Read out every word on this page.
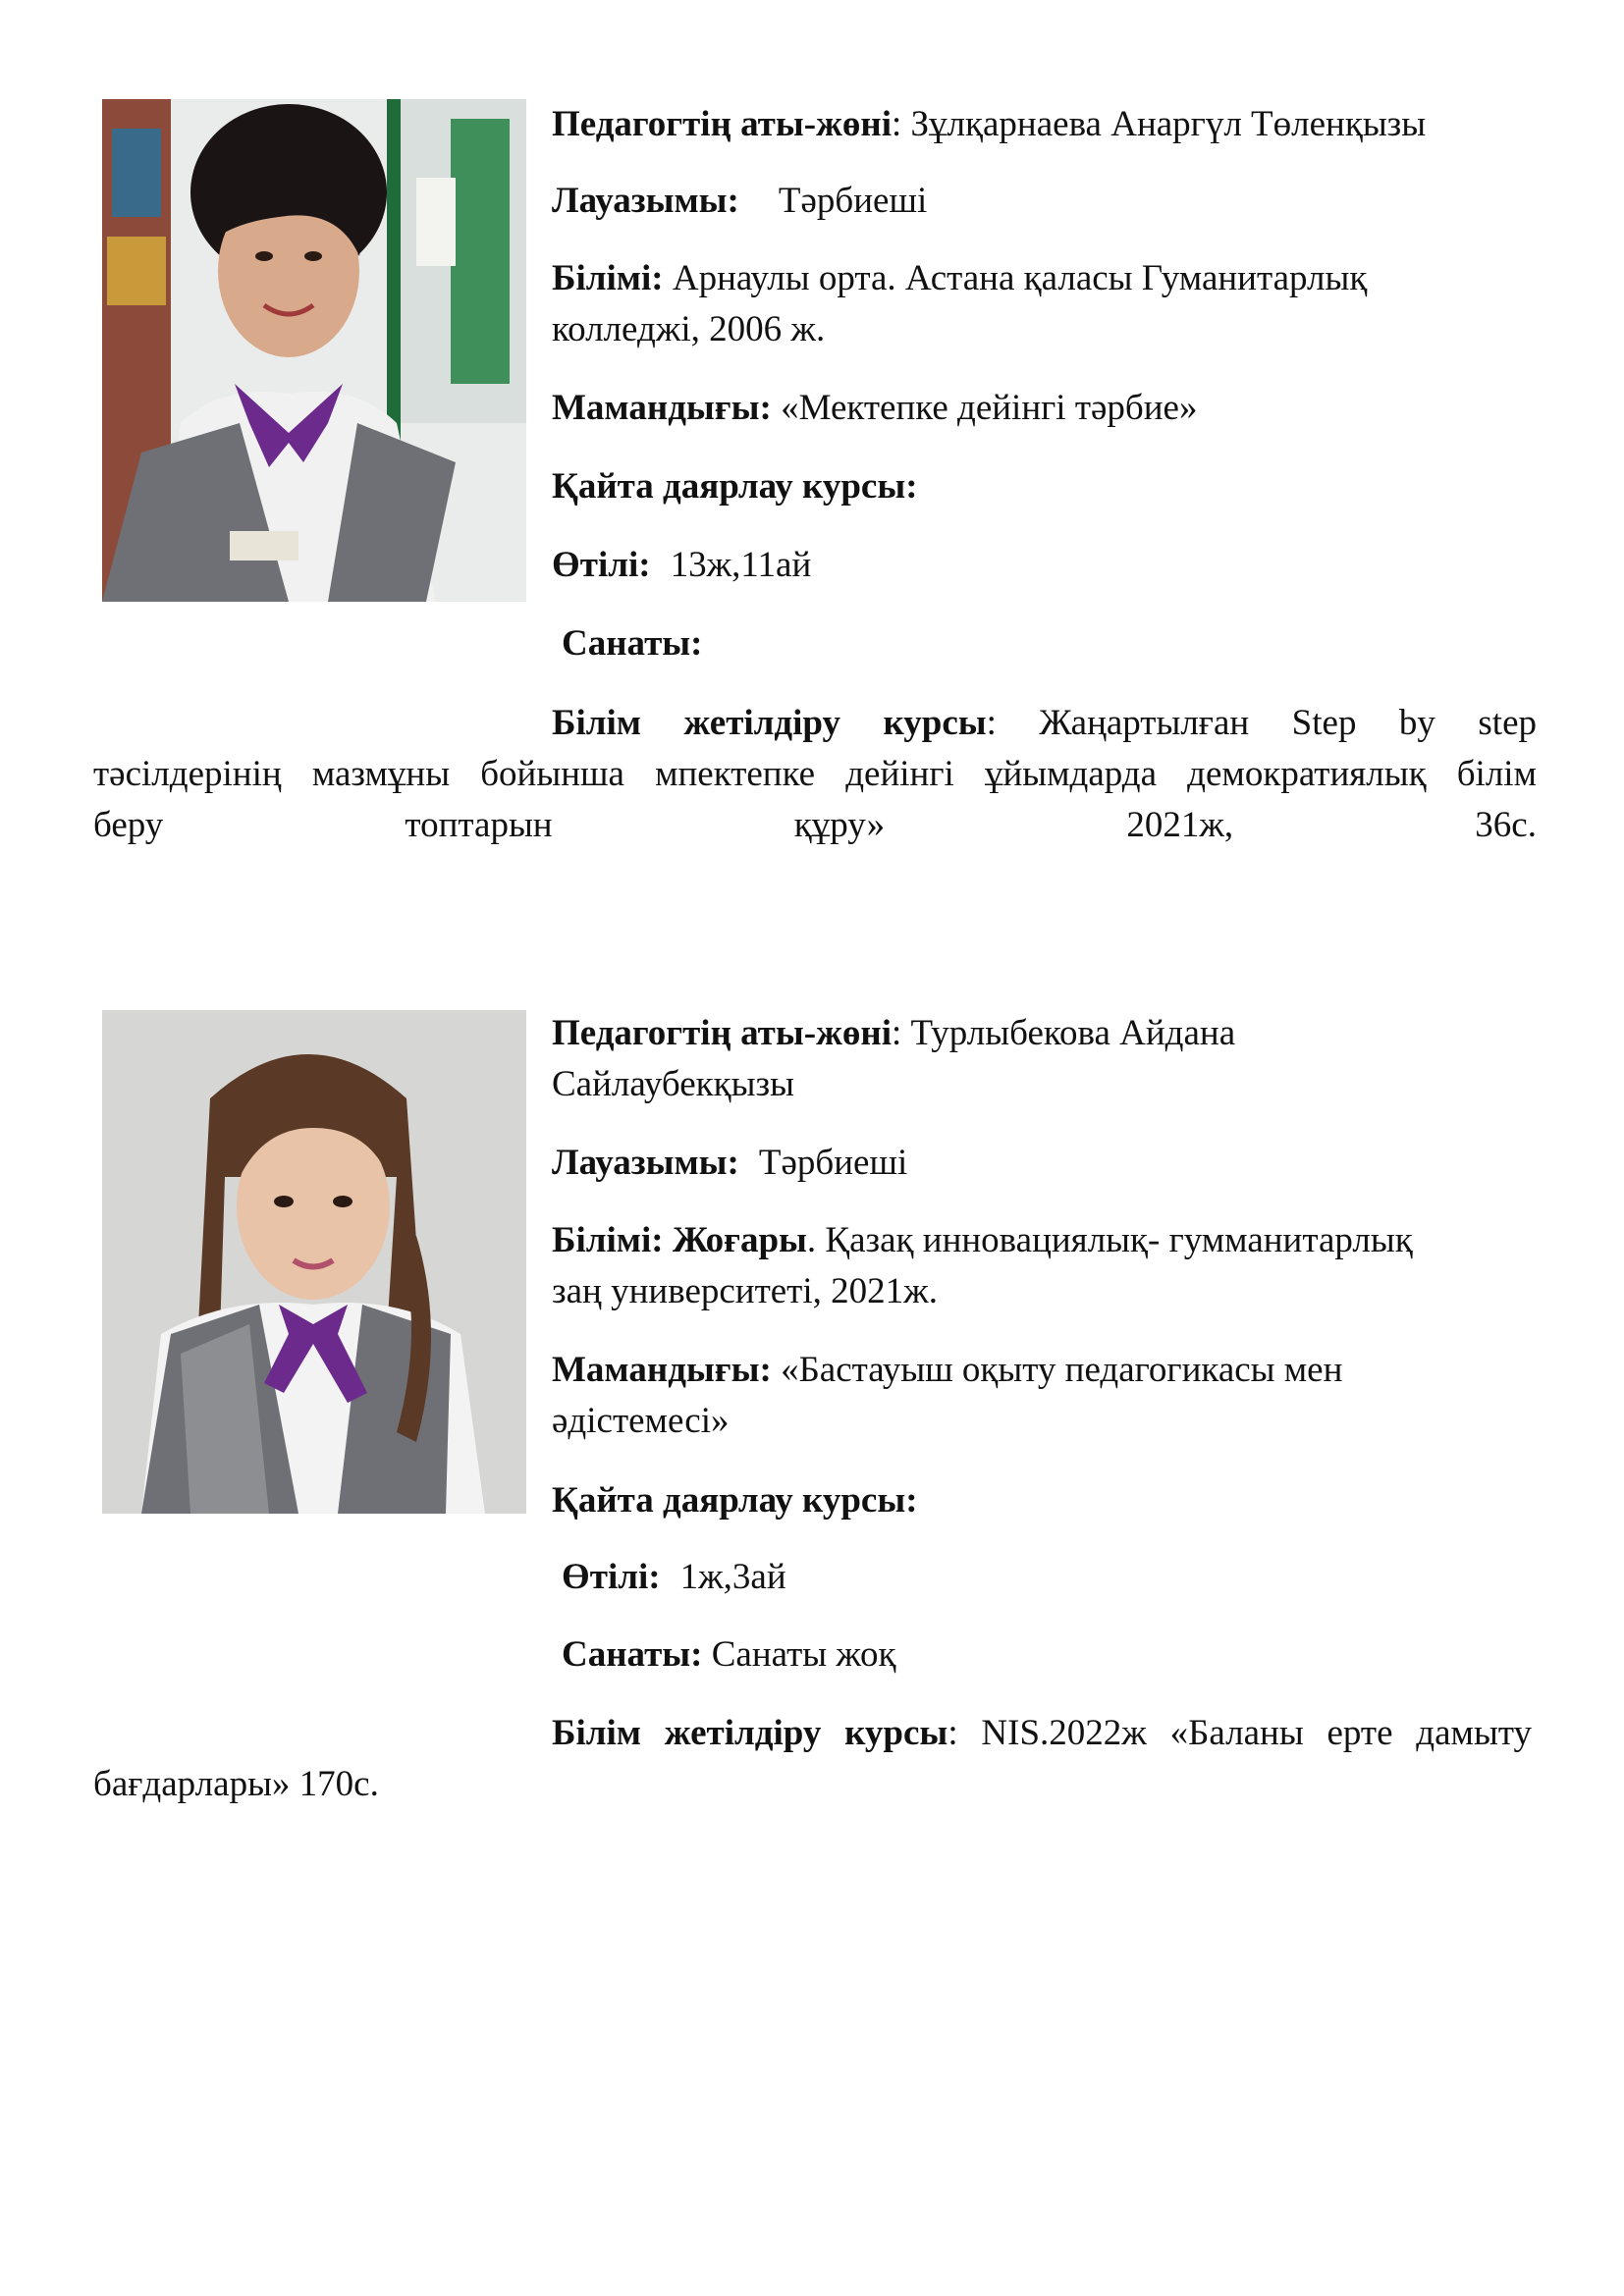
Педагогтің аты-жөні: Зұлқарнаева Анаргүл Төленқызы

Лауазымы: Тәрбиеші

Білімі: Арнаулы орта. Астана қаласы Гуманитарлық
колледжі, 2006 ж.

Мамандығы: «Мектепке дейінгі тәрбие»

Қайта даярлау курсы:

Өтілі: 13ж,11ай

Санаты:

Білім жетілдіру курсы: Жаңартылған Step by step

тәсілдерінің мазмұны бойынша мпектепке дейінгі ұйымдарда демократиялық білім

беру	топтарын	құру»	2021ж,	36с.

Педагогтің аты-жөні: Турлыбекова Айдана
Сайлаубекқызы

Лауазымы: Тәрбиеші

Білімі: Жоғары. Қазақ инновациялық- гумманитарлық
заң университеті, 2021ж.

Мамандығы: «Бастауыш оқыту педагогикасы мен
әдістемесі»

Қайта даярлау курсы:

Өтілі: 1ж,3ай

Санаты: Санаты жоқ

Білім жетілдіру курсы: NIS.2022ж «Баланы ерте дамыту

бағдарлары» 170с.
